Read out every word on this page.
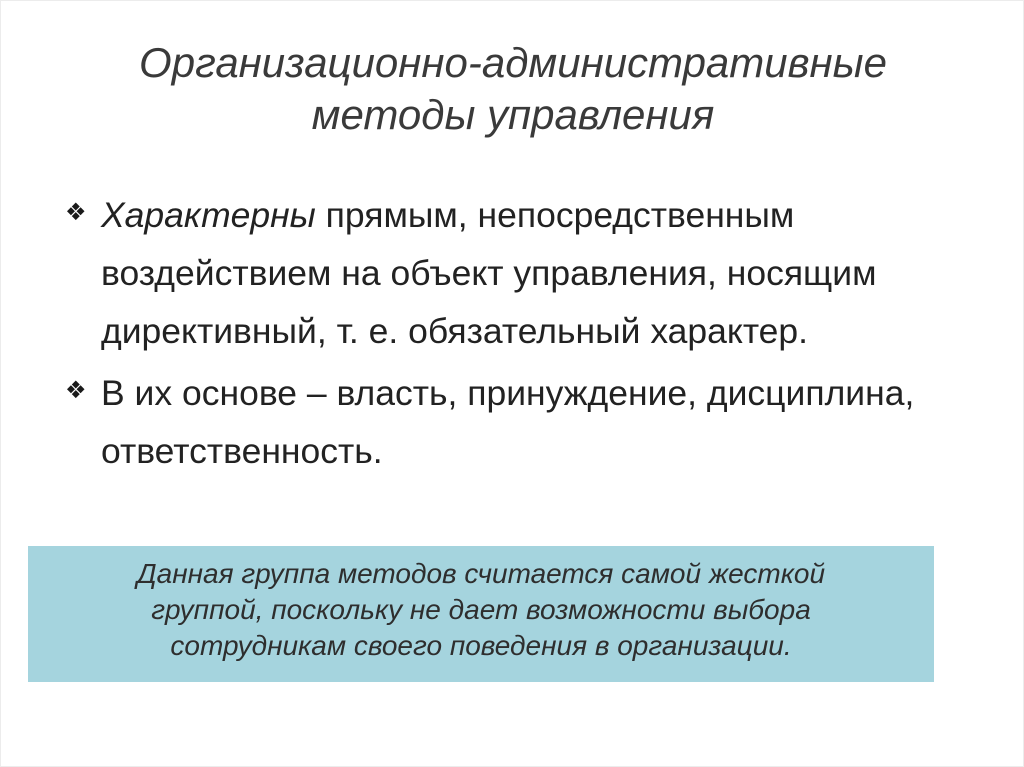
Организационно-административные
методы управления
❖ Характерны прямым, непосредственным воздействием на объект управления, носящим директивный, т. е. обязательный характер.
❖ В их основе – власть, принуждение, дисциплина, ответственность.
Данная группа методов считается самой жесткой
группой, поскольку не дает возможности выбора
сотрудникам своего поведения в организации.
